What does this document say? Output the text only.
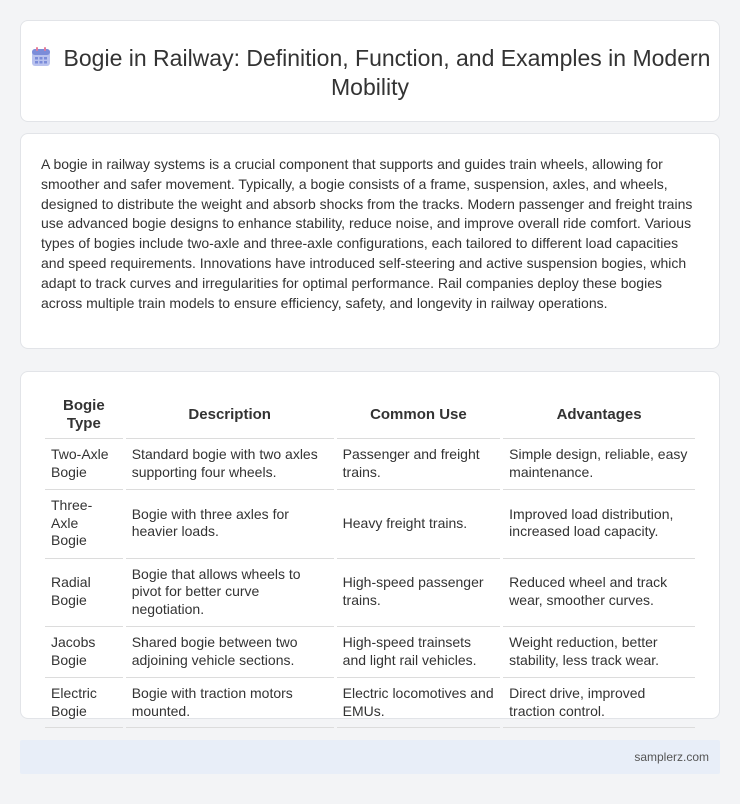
Bogie in Railway: Definition, Function, and Examples in Modern Mobility

A bogie in railway systems is a crucial component that supports and guides train wheels, allowing for smoother and safer movement. Typically, a bogie consists of a frame, suspension, axles, and wheels, designed to distribute the weight and absorb shocks from the tracks. Modern passenger and freight trains use advanced bogie designs to enhance stability, reduce noise, and improve overall ride comfort. Various types of bogies include two-axle and three-axle configurations, each tailored to different load capacities and speed requirements. Innovations have introduced self-steering and active suspension bogies, which adapt to track curves and irregularities for optimal performance. Rail companies deploy these bogies across multiple train models to ensure efficiency, safety, and longevity in railway operations.

Bogie Type	Description	Common Use	Advantages
Two-Axle Bogie	Standard bogie with two axles supporting four wheels.	Passenger and freight trains.	Simple design, reliable, easy maintenance.
Three-Axle Bogie	Bogie with three axles for heavier loads.	Heavy freight trains.	Improved load distribution, increased load capacity.
Radial Bogie	Bogie that allows wheels to pivot for better curve negotiation.	High-speed passenger trains.	Reduced wheel and track wear, smoother curves.
Jacobs Bogie	Shared bogie between two adjoining vehicle sections.	High-speed trainsets and light rail vehicles.	Weight reduction, better stability, less track wear.
Electric Bogie	Bogie with traction motors mounted.	Electric locomotives and EMUs.	Direct drive, improved traction control.
samplerz.com
